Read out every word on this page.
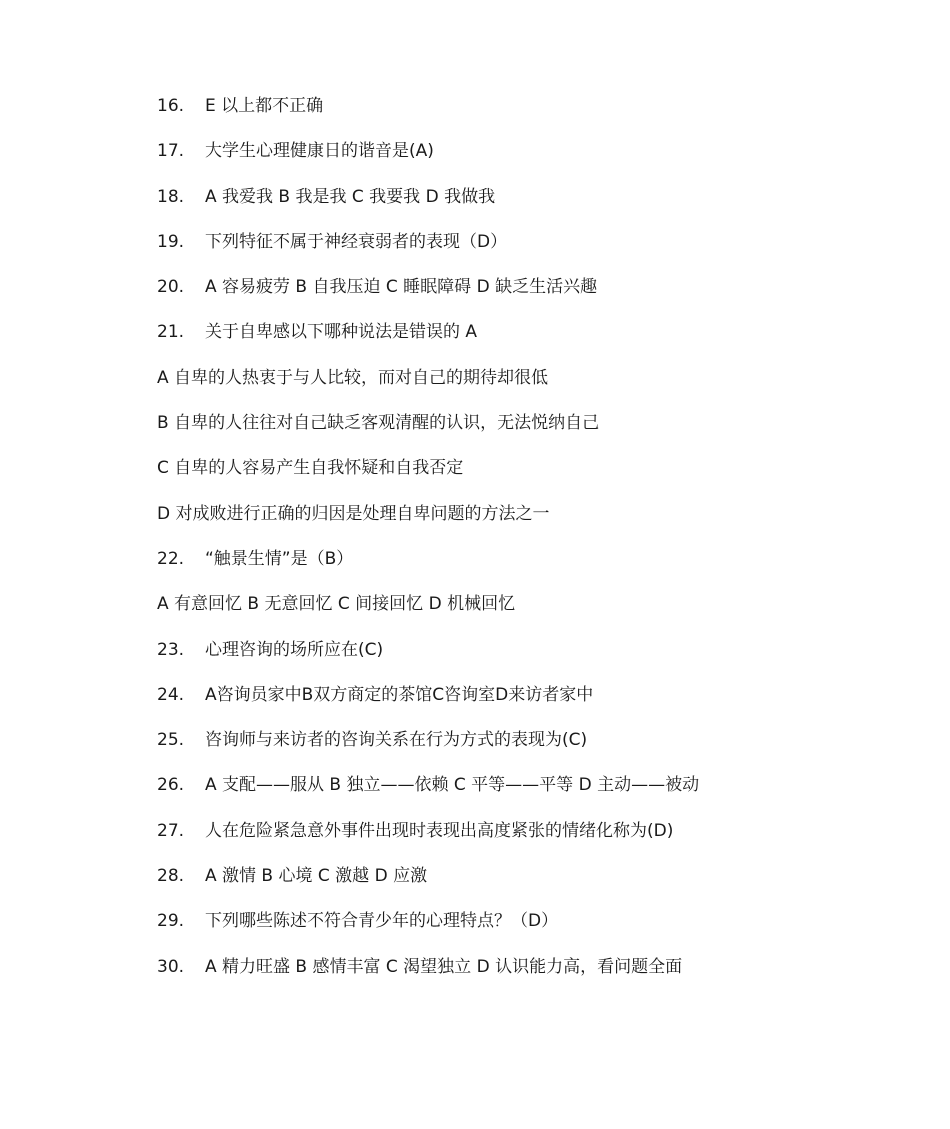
16.	E 以上都不正确
17.	大学生心理健康日的谐音是(A)
18.	A 我爱我 B 我是我 C 我要我 D 我做我
19.	下列特征不属于神经衰弱者的表现（D）
20.	A 容易疲劳 B 自我压迫 C 睡眠障碍 D 缺乏生活兴趣
21.	关于自卑感以下哪种说法是错误的 A
A 自卑的人热衷于与人比较，而对自己的期待却很低
B 自卑的人往往对自己缺乏客观清醒的认识，无法悦纳自己
C 自卑的人容易产生自我怀疑和自我否定
D 对成败进行正确的归因是处理自卑问题的方法之一
22.	“触景生情”是（B）
A 有意回忆 B 无意回忆 C 间接回忆 D 机械回忆
23.	心理咨询的场所应在(C)
24.	A咨询员家中B双方商定的茶馆C咨询室D来访者家中
25.	咨询师与来访者的咨询关系在行为方式的表现为(C)
26.	A 支配——服从 B 独立——依赖 C 平等——平等 D 主动——被动
27.	人在危险紧急意外事件出现时表现出高度紧张的情绪化称为(D)
28.	A 激情 B 心境 C 激越 D 应激
29.	下列哪些陈述不符合青少年的心理特点？（D）
30.	A 精力旺盛 B 感情丰富 C 渴望独立 D 认识能力高，看问题全面
